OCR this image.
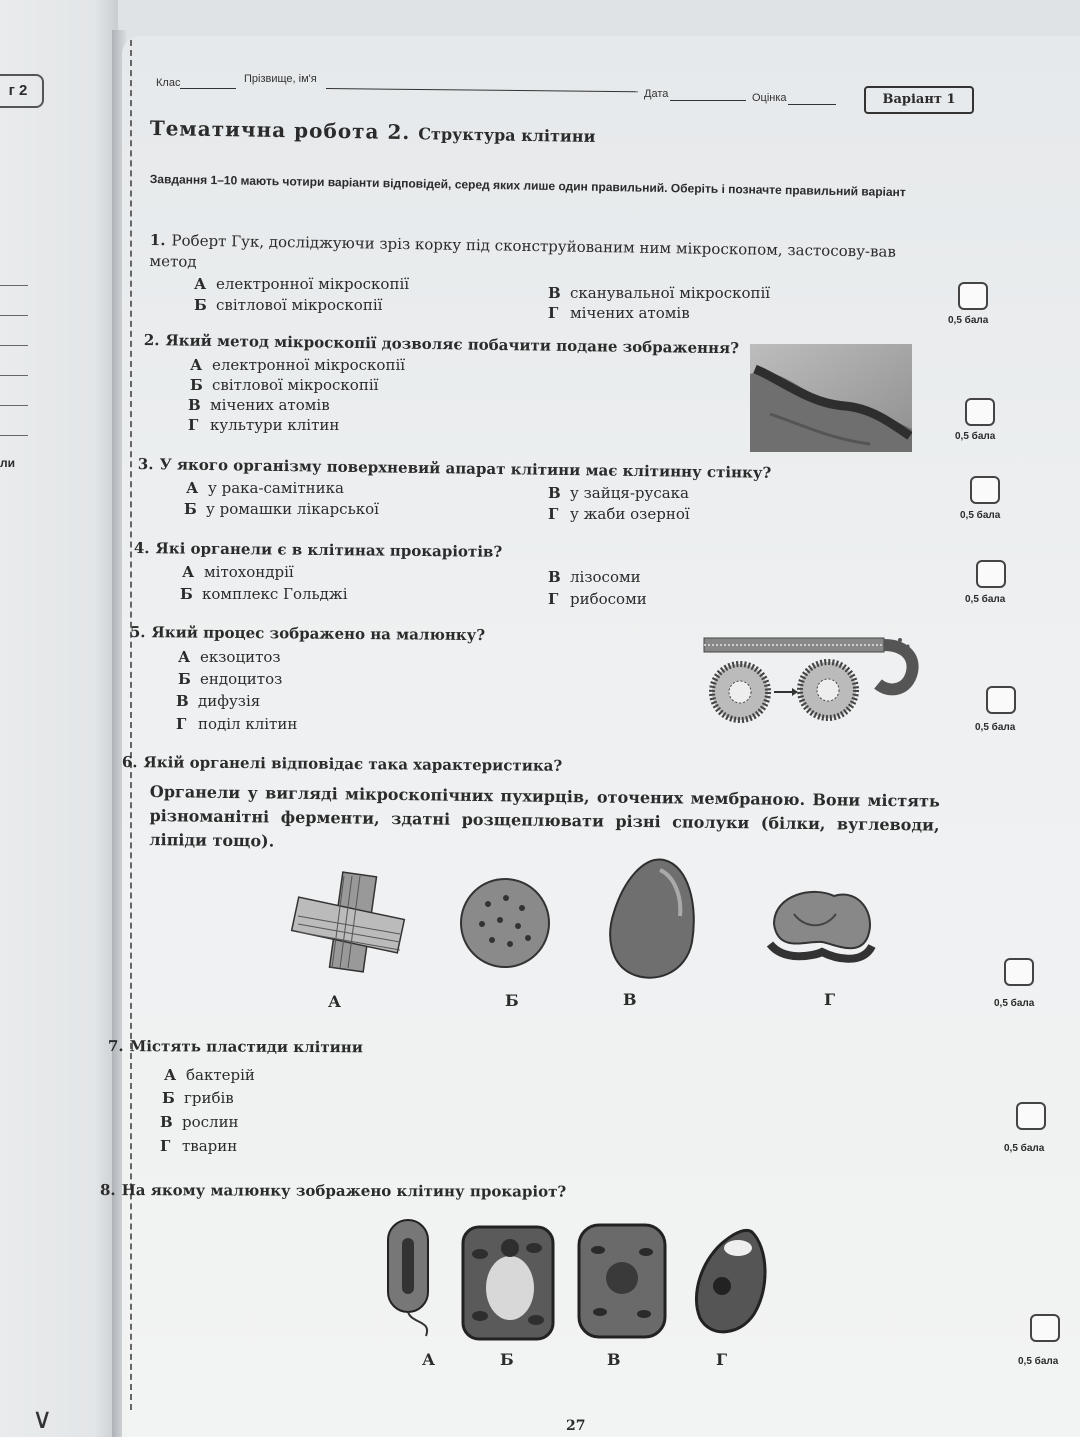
г 2
ли
∨
Клас	Прізвище, ім'я
Дата	Оцінка	Варіант 1
Тематична робота 2. Структура клітини
Завдання 1–10 мають чотири варіанти відповідей, серед яких лише один правильний. Оберіть і позначте правильний варіант
1. Роберт Гук, досліджуючи зріз корку під сконструйованим ним мікроскопом, застосову-вав метод
А електронної мікроскопії
Б світлової мікроскопії
В сканувальної мікроскопії
Г мічених атомів	0,5 бала
2. Який метод мікроскопії дозволяє побачити подане зображення?
А електронної мікроскопії
Б світлової мікроскопії
В мічених атомів
Г культури клітин
0,5 бала
3. У якого організму поверхневий апарат клітини має клітинну стінку?
А у рака-самітника
Б у ромашки лікарської
В у зайця-русака
Г у жаби озерної	0,5 бала
4. Які органели є в клітинах прокаріотів?
А мітохондрії
Б комплекс Гольджі
В лізосоми
Г рибосоми	0,5 бала
5. Який процес зображено на малюнку?
А екзоцитоз
Б ендоцитоз
В дифузія
Г поділ клітин	0,5 бала
6. Якій органелі відповідає така характеристика?
Органели у вигляді мікроскопічних пухирців, оточених мембраною. Вони містять різноманітні ферменти, здатні розщеплювати різні сполуки (білки, вуглеводи, ліпіди тощо).
А	Б	В	Г	0,5 бала
7. Містять пластиди клітини
А бактерій
Б грибів
В рослин
Г тварин	0,5 бала
8. На якому малюнку зображено клітину прокаріот?
А	Б	В	Г	0,5 бала
27
